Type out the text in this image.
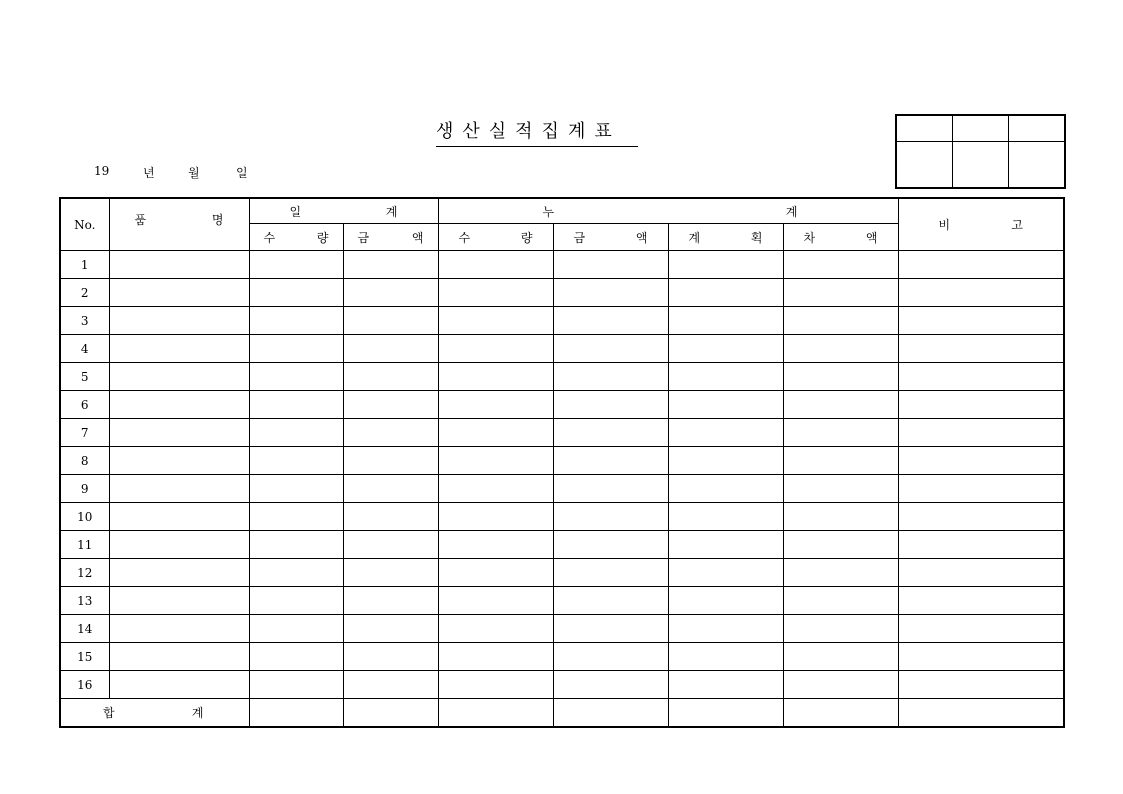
생산실적집계표
19	년	월	일

No.	품 명	일 계		누 계				비 고

		수 량	금 액	수 량	금 액	계 획	차 액	

1								
2								
3								
4								
5								
6								
7								
8								
9								
10								
11								
12								
13								
14								
15								
16								

합 계								
